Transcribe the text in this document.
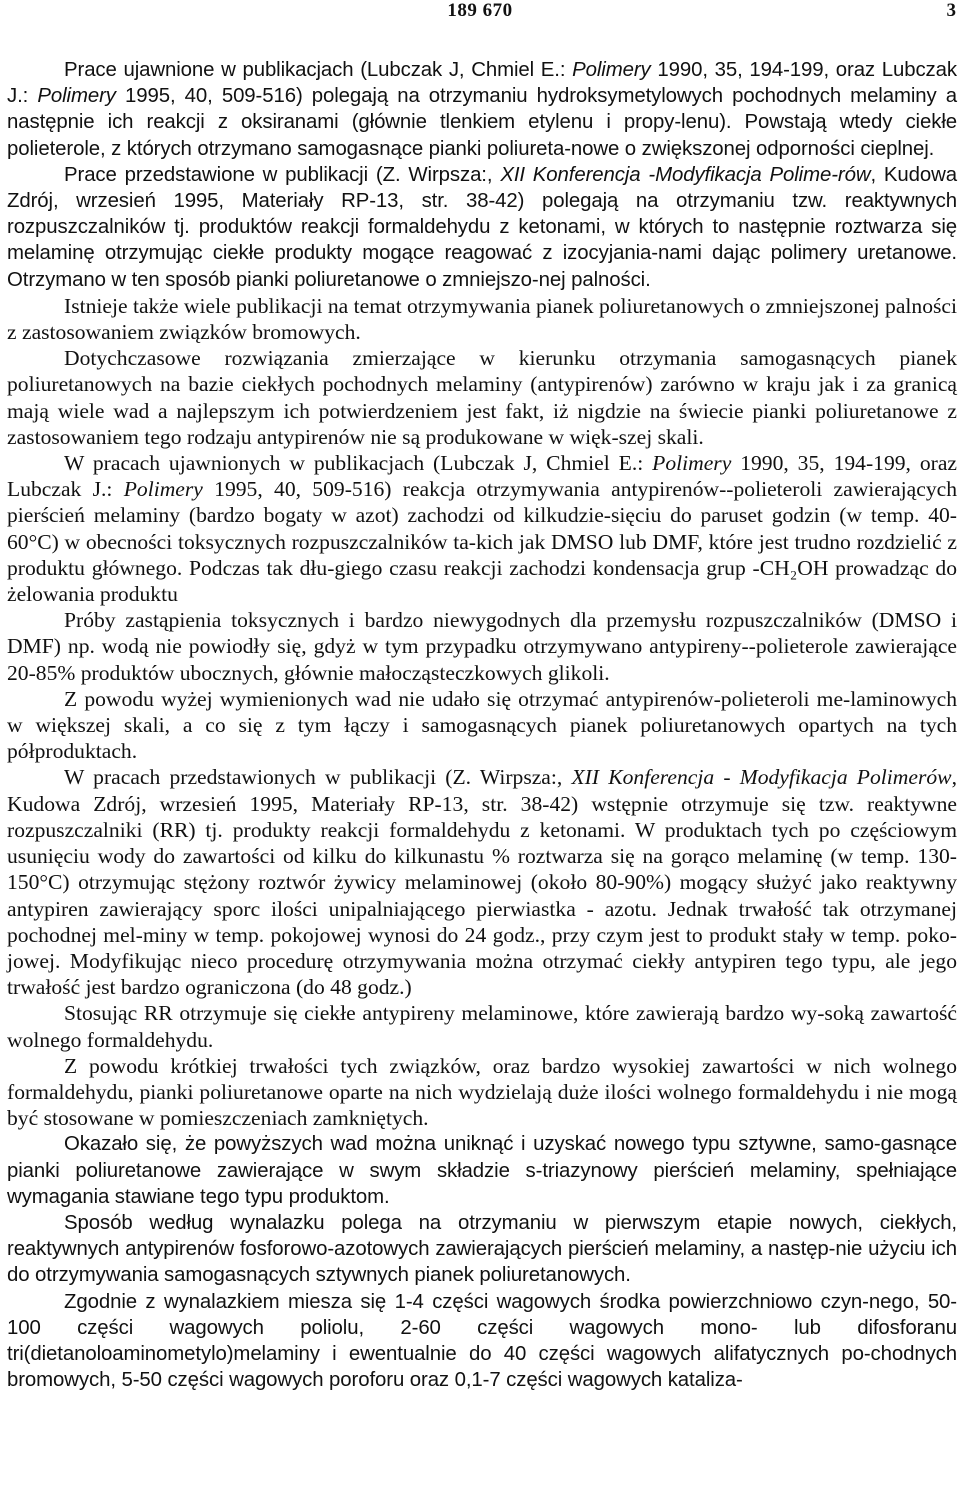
189 670	3

Prace ujawnione w publikacjach (Lubczak J, Chmiel E.: Polimery 1990, 35, 194-199, oraz Lubczak J.: Polimery 1995, 40, 509-516) polegają na otrzymaniu hydroksymetylowych pochodnych melaminy a następnie ich reakcji z oksiranami (głównie tlenkiem etylenu i propy-lenu). Powstają wtedy ciekłe polieterole, z których otrzymano samogasnące pianki poliureta-nowe o zwiększonej odporności cieplnej.

Prace przedstawione w publikacji (Z. Wirpsza:, XII Konferencja -Modyfikacja Polime-rów, Kudowa Zdrój, wrzesień 1995, Materiały RP-13, str. 38-42) polegają na otrzymaniu tzw. reaktywnych rozpuszczalników tj. produktów reakcji formaldehydu z ketonami, w których to następnie roztwarza się melaminę otrzymując ciekłe produkty mogące reagować z izocyjania-nami dając polimery uretanowe. Otrzymano w ten sposób pianki poliuretanowe o zmniejszo-nej palności.

Istnieje także wiele publikacji na temat otrzymywania pianek poliuretanowych o zmniejszonej palności z zastosowaniem związków bromowych.

Dotychczasowe rozwiązania zmierzające w kierunku otrzymania samogasnących pianek poliuretanowych na bazie ciekłych pochodnych melaminy (antypirenów) zarówno w kraju jak i za granicą mają wiele wad a najlepszym ich potwierdzeniem jest fakt, iż nigdzie na świecie pianki poliuretanowe z zastosowaniem tego rodzaju antypirenów nie są produkowane w więk-szej skali.

W pracach ujawnionych w publikacjach (Lubczak J, Chmiel E.: Polimery 1990, 35, 194-199, oraz Lubczak J.: Polimery 1995, 40, 509-516) reakcja otrzymywania antypirenów--polieteroli zawierających pierścień melaminy (bardzo bogaty w azot) zachodzi od kilkudzie-sięciu do paruset godzin (w temp. 40-60°C) w obecności toksycznych rozpuszczalników ta-kich jak DMSO lub DMF, które jest trudno rozdzielić z produktu głównego. Podczas tak dłu-giego czasu reakcji zachodzi kondensacja grup -CH₂OH prowadząc do żelowania produktu

Próby zastąpienia toksycznych i bardzo niewygodnych dla przemysłu rozpuszczalników (DMSO i DMF) np. wodą nie powiodły się, gdyż w tym przypadku otrzymywano antypireny--polieterole zawierające 20-85% produktów ubocznych, głównie małocząsteczkowych glikoli.

Z powodu wyżej wymienionych wad nie udało się otrzymać antypirenów-polieteroli me-laminowych w większej skali, a co się z tym łączy i samogasnących pianek poliuretanowych opartych na tych półproduktach.

W pracach przedstawionych w publikacji (Z. Wirpsza:, XII Konferencja - Modyfikacja Polimerów, Kudowa Zdrój, wrzesień 1995, Materiały RP-13, str. 38-42) wstępnie otrzymuje się tzw. reaktywne rozpuszczalniki (RR) tj. produkty reakcji formaldehydu z ketonami. W produktach tych po częściowym usunięciu wody do zawartości od kilku do kilkunastu % roztwarza się na gorąco melaminę (w temp. 130-150°C) otrzymując stężony roztwór żywicy melaminowej (około 80-90%) mogący służyć jako reaktywny antypiren zawierający sporc ilości unipalniającego pierwiastka - azotu. Jednak trwałość tak otrzymanej pochodnej mel-miny w temp. pokojowej wynosi do 24 godz., przy czym jest to produkt stały w temp. poko-jowej. Modyfikując nieco procedurę otrzymywania można otrzymać ciekły antypiren tego typu, ale jego trwałość jest bardzo ograniczona (do 48 godz.)

Stosując RR otrzymuje się ciekłe antypireny melaminowe, które zawierają bardzo wy-soką zawartość wolnego formaldehydu.

Z powodu krótkiej trwałości tych związków, oraz bardzo wysokiej zawartości w nich wolnego formaldehydu, pianki poliuretanowe oparte na nich wydzielają duże ilości wolnego formaldehydu i nie mogą być stosowane w pomieszczeniach zamkniętych.

Okazało się, że powyższych wad można uniknąć i uzyskać nowego typu sztywne, samo-gasnące pianki poliuretanowe zawierające w swym składzie s-triazynowy pierścień melaminy, spełniające wymagania stawiane tego typu produktom.

Sposób według wynalazku polega na otrzymaniu w pierwszym etapie nowych, ciekłych, reaktywnych antypirenów fosforowo-azotowych zawierających pierścień melaminy, a następ-nie użyciu ich do otrzymywania samogasnących sztywnych pianek poliuretanowych.

Zgodnie z wynalazkiem miesza się 1-4 części wagowych środka powierzchniowo czyn-nego, 50-100 części wagowych poliolu, 2-60 części wagowych mono- lub difosforanu tri(dietanoloaminometylo)melaminy i ewentualnie do 40 części wagowych alifatycznych po-chodnych bromowych, 5-50 części wagowych poroforu oraz 0,1-7 części wagowych kataliza-
